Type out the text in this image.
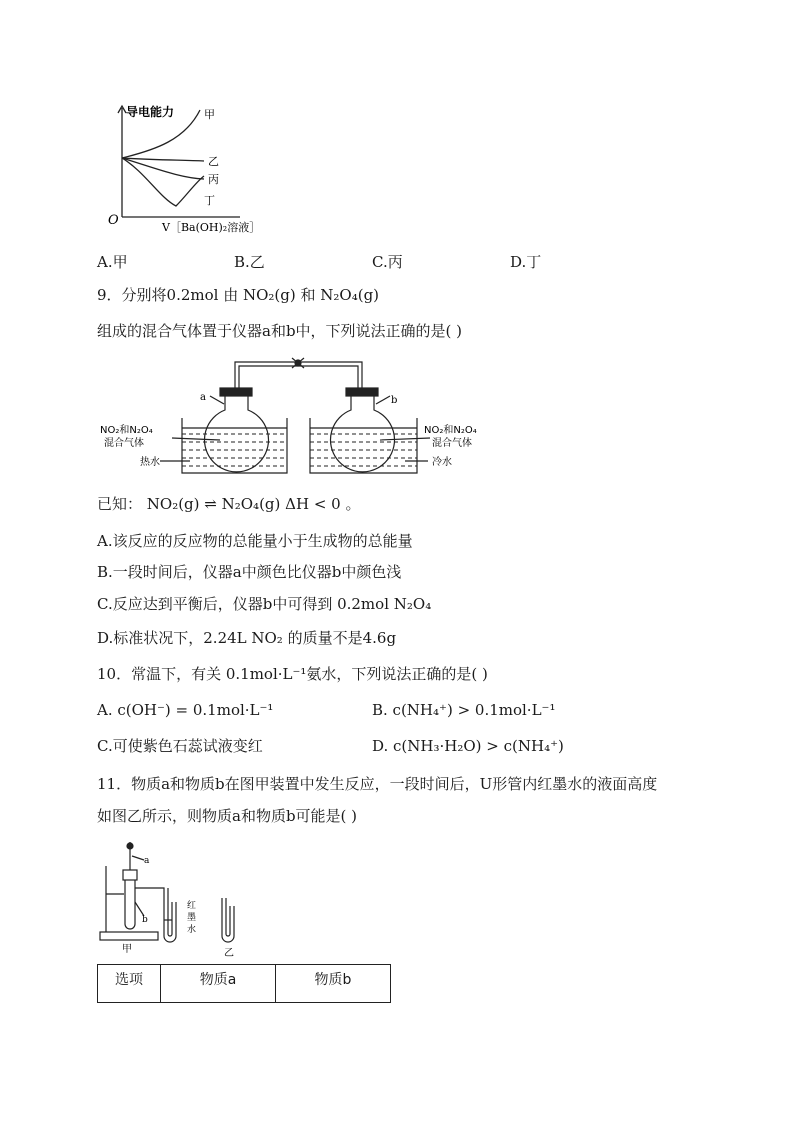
导电能力	甲
乙
丙
丁
O	V［Ba(OH)₂溶液］
A.甲	B.乙	C.丙	D.丁
9．分别将0.2mol 由 NO₂(g) 和 N₂O₄(g)
组成的混合气体置于仪器a和b中，下列说法正确的是( )
a	b
NO₂和N₂O₄
混合气体
热水
NO₂和N₂O₄
混合气体
冷水
已知： NO₂(g) ⇌ N₂O₄(g) ΔH < 0 。
A.该反应的反应物的总能量小于生成物的总能量
B.一段时间后，仪器a中颜色比仪器b中颜色浅
C.反应达到平衡后，仪器b中可得到 0.2mol N₂O₄
D.标准状况下，2.24L NO₂ 的质量不是4.6g
10．常温下，有关 0.1mol·L⁻¹氨水，下列说法正确的是( )
A. c(OH⁻) = 0.1mol·L⁻¹	B. c(NH₄⁺) > 0.1mol·L⁻¹
C.可使紫色石蕊试液变红	D. c(NH₃·H₂O) > c(NH₄⁺)
11．物质a和物质b在图甲装置中发生反应，一段时间后，U形管内红墨水的液面高度
如图乙所示，则物质a和物质b可能是( )
a
b
红
墨
水
甲	乙
选项	物质a	物质b
